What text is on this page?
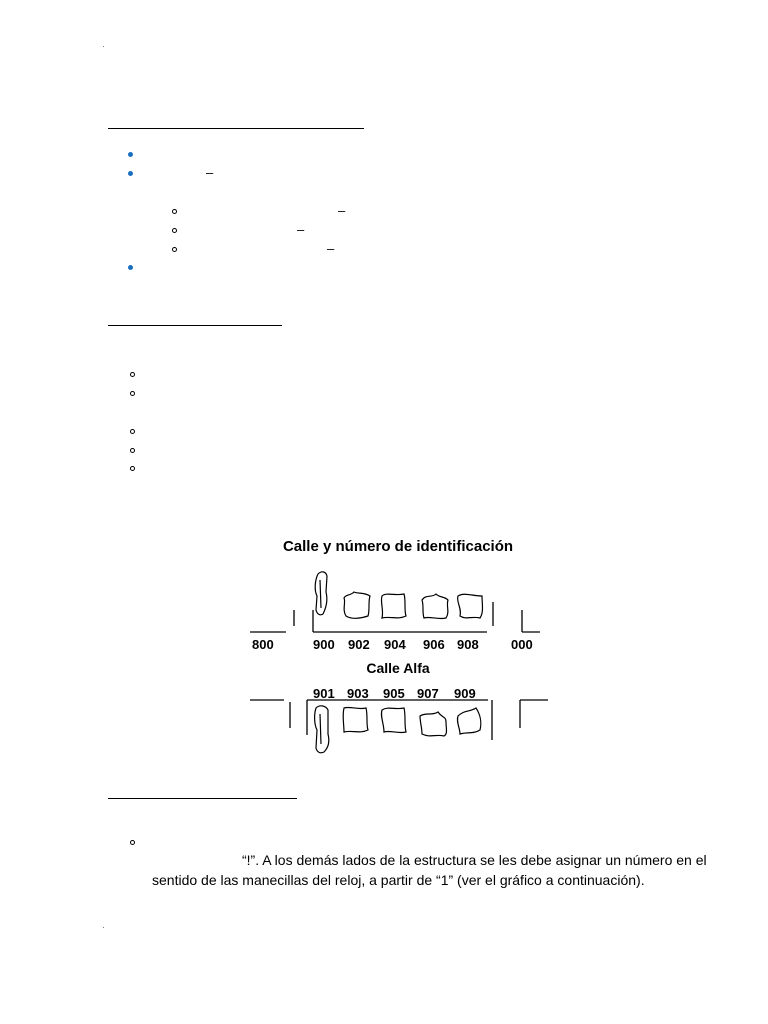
–
–
–
–
Calle y número de identificación
800	900 902 904 906 908 000
Calle Alfa
901 903 905 907 909
“!”. A los demás lados de la estructura se les debe asignar un número en el
sentido de las manecillas del reloj, a partir de “1” (ver el gráfico a continuación).
